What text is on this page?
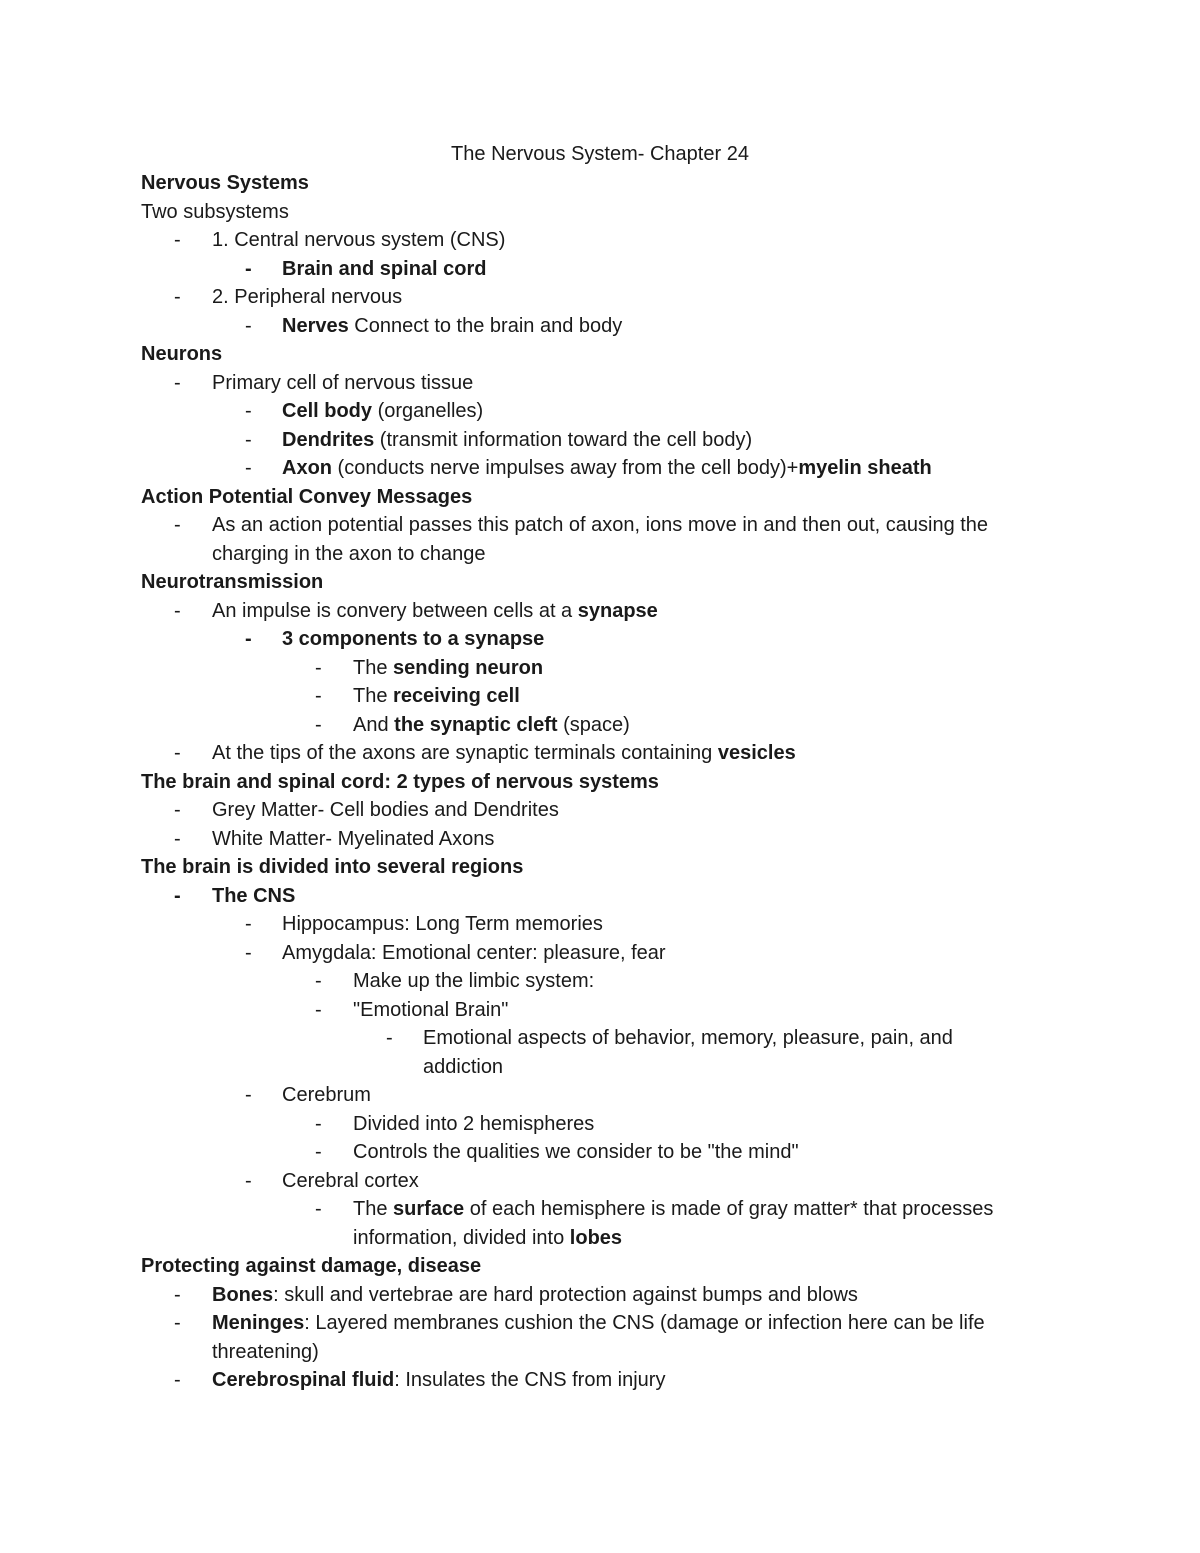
The Nervous System- Chapter 24
Nervous Systems
Two subsystems
- 1. Central nervous system (CNS)
- Brain and spinal cord
- 2. Peripheral nervous
- Nerves Connect to the brain and body
Neurons
- Primary cell of nervous tissue
- Cell body (organelles)
- Dendrites (transmit information toward the cell body)
- Axon (conducts nerve impulses away from the cell body)+myelin sheath
Action Potential Convey Messages
- As an action potential passes this patch of axon, ions move in and then out, causing the
charging in the axon to change
Neurotransmission
- An impulse is convery between cells at a synapse
- 3 components to a synapse
- The sending neuron
- The receiving cell
- And the synaptic cleft (space)
- At the tips of the axons are synaptic terminals containing vesicles
The brain and spinal cord: 2 types of nervous systems
- Grey Matter- Cell bodies and Dendrites
- White Matter- Myelinated Axons
The brain is divided into several regions
- The CNS
- Hippocampus: Long Term memories
- Amygdala: Emotional center: pleasure, fear
- Make up the limbic system:
- "Emotional Brain"
- Emotional aspects of behavior, memory, pleasure, pain, and
addiction
- Cerebrum
- Divided into 2 hemispheres
- Controls the qualities we consider to be "the mind"
- Cerebral cortex
- The surface of each hemisphere is made of gray matter* that processes
information, divided into lobes
Protecting against damage, disease
- Bones: skull and vertebrae are hard protection against bumps and blows
- Meninges: Layered membranes cushion the CNS (damage or infection here can be life
threatening)
- Cerebrospinal fluid: Insulates the CNS from injury
